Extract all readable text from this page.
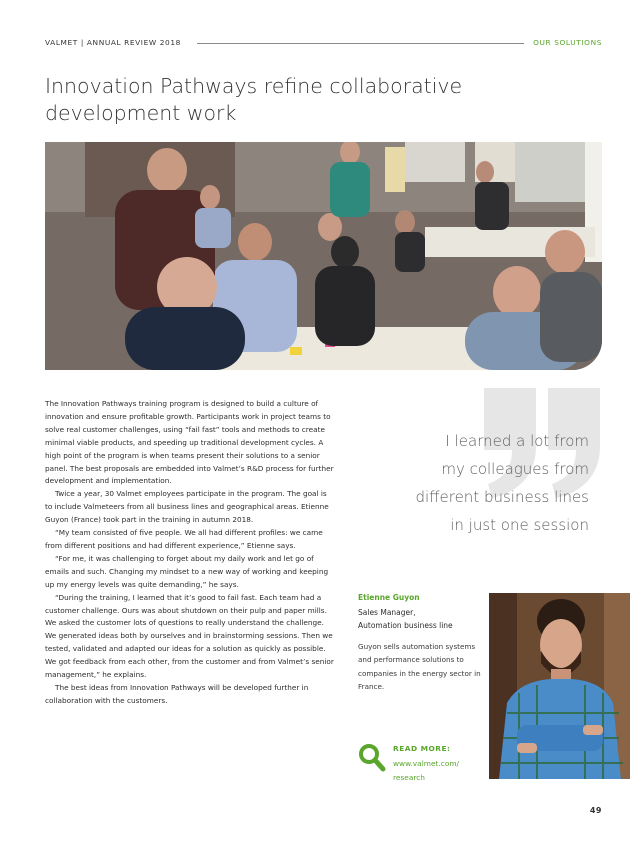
VALMET | ANNUAL REVIEW 2018	OUR SOLUTIONS
Innovation Pathways refine collaborative development work

The Innovation Pathways training program is designed to build a culture of innovation and ensure profitable growth. Participants work in project teams to solve real customer challenges, using “fail fast” tools and methods to create minimal viable products, and speeding up traditional development cycles. A high point of the program is when teams present their solutions to a senior panel. The best proposals are embedded into Valmet’s R&D process for further development and implementation.

Twice a year, 30 Valmet employees participate in the program. The goal is to include Valmeteers from all business lines and geographical areas. Etienne Guyon (France) took part in the training in autumn 2018.

“My team consisted of five people. We all had different profiles: we came from different positions and had different experience,” Etienne says.

“For me, it was challenging to forget about my daily work and let go of emails and such. Changing my mindset to a new way of working and keeping up my energy levels was quite demanding,” he says.

“During the training, I learned that it’s good to fail fast. Each team had a customer challenge. Ours was about shutdown on their pulp and paper mills. We asked the customer lots of questions to really understand the challenge. We generated ideas both by ourselves and in brainstorming sessions. Then we tested, validated and adapted our ideas for a solution as quickly as possible. We got feedback from each other, from the customer and from Valmet’s senior management,” he explains.

The best ideas from Innovation Pathways will be developed further in collaboration with the customers.

I learned a lot from
my colleagues from
different business lines
in just one session
Etienne Guyon
Sales Manager,
Automation business line
Guyon sells automation systems and performance solutions to companies in the energy sector in France.
READ MORE:
www.valmet.com/
research
49
